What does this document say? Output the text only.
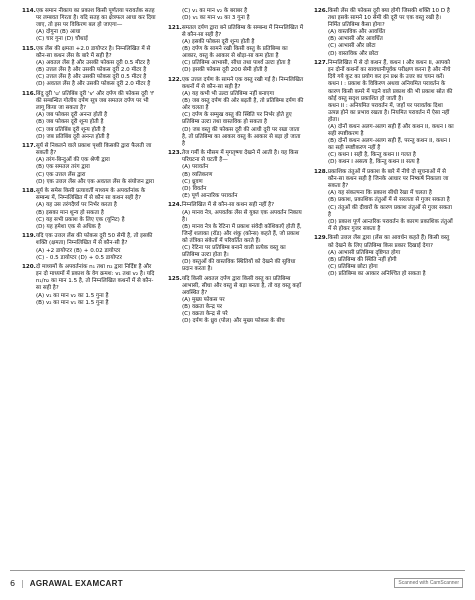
114. एक समान नीकाय का प्रकाश किसी पूर्णतया परावर्तक सतह पर लम्बवत गिरता है। यदि सतह का क्षेत्रफल आधा कर दिया जाए, तो इस पर विकिरण बल हो जाएगा—
(A) दोगुना (B) आधा
(C) चार गुना (D) चौथाई
115. एक लेंस की क्षमता +2.0 डायोप्टर है। निम्नलिखित में से कौन-सा कथन लेंस के बारे में सही है?
(A) अवतल लेंस है और उसकी फोकस दूरी 0.5 मीटर है
(B) उत्तल लेंस है और उसकी फोकस दूरी 2.0 मीटर है
(C) उत्तल लेंस है और उसकी फोकस दूरी 0.5 मीटर है
(D) अवतल लेंस है और उसकी फोकस दूरी 2.0 मीटर है
116. बिंदु दूरी 'u' प्रतिबिंब दूरी 'v' और दर्पण की फोकस दूरी 'f' की सम्बन्धित गोलीय दर्पण सूत्र जब समतल दर्पण पर भी लागू किया जा सकता है?
(A) जब फोकस दूरी अनन्त होती है
(B) जब फोकस दूरी शून्य होती है
(C) जब प्रतिबिंब दूरी शून्य होती है
(D) जब प्रतिबिंब दूरी अनन्त होती है
117. सूर्य से निकलने वाले प्रकाश पृथ्वी किसकी द्वारा फैलती जा सकती है?
(A) तरंग-बिन्दुओं की एक श्रेणी द्वारा
(B) एक समतल तरंग द्वारा
(C) एक उत्तल लेंस द्वारा
(D) एक उत्तल लेंस और एक अवतल लेंस के संयोजन द्वारा
118. सूर्य के समेस किसी प्रत्यावर्ती माध्यम के अपवर्तनांक के सम्बन्ध में, निम्नलिखित में से कौन सा कथन सही है?
(A) यह उस तरंगदैर्घ्य पर निर्भर करता है
(B) इसका मान शून्य हो सकता है
(C) यह सभी प्रकाश के लिए एक (यूनिट) है
(D) यह हमेशा एक से अधिक है
119. यदि एक उत्तल लेंस की फोकस दूरी 50 सेमी है, तो इसकी शक्ति (क्षमता) निम्नलिखित में से कौन-सी है?
(A) +2 डायोप्टर (B) + 0.02 डायोप्टर
(C) - 0.5 डायोप्टर (D) + 0.5 डायोप्टर
120. दो माध्यमों के अपवर्तनांक n₁ तथा n₂ द्वारा निर्दिष्ट है और इन दो माध्यमों में प्रकाश के वेग क्रमश: v₁ तथा v₂ है। यदि n₁/n₂ का मान 1.5 है, तो निम्नलिखित कथनों में से कौन-सा सही है?
(A) v₁ का मान v₂ का 1.5 गुना है
(B) v₂ का मान v₁ का 1.5 गुना है
(C) v₁ का मान v₂ के बराबर है
(D) v₁ का मान v₂ का 3 गुना है
121. समतल दर्पण द्वारा बने प्रतिबिम्ब के सम्बन्ध में निम्नलिखित में से कौन-सा सही है?
(A) इसकी फोकस दूरी शून्य होती है
(B) दर्पण के सामने रखी किसी वस्तु के प्रतिबिम्ब का आकार, वस्तु के आकार से थोड़ा-सा कम होता है
(C) प्रतिबिम्ब आभासी, सीधा तथा पार्श्व उल्टा होता है
(D) इसकी फोकस दूरी 200 सेमी होती है
122. एक उत्तल दर्पण के सामने एक वस्तु रखी गई है। निम्नलिखित कथनों में से कौन-सा सही है?
(A) यह कभी भी उल्टा प्रतिबिम्ब नहीं बनाएगा
(B) जब वस्तु दर्पण की ओर बढ़ती है, तो प्रतिबिम्ब दर्पण की ओर चलता है
(C) दर्पण के सम्मुख वस्तु की स्थिति पर निर्भर होते हुए प्रतिबिम्ब उल्टा तथा वास्तविक हो सकता है
(D) जब वस्तु की फोकस दूरी की आधी दूरी पर रखा जाता है, तो प्रतिबिम्ब का आकार वस्तु के आकार से बड़ा हो जाता है
123. तेज गर्मी के मौसम में मृगतृष्णा देखने में आती है। यह किस परिघटना से घटती है—
(A) परावर्तन
(B) व्यतिकरण
(C) ध्रुवण
(D) विवर्तन
(E) पूर्ण आन्तरिक परावर्तन
124. निम्नलिखित में से कौन-सा कथन सही नहीं है?
(A) मानव नेत्र, अपवर्तक लेंस से युक्त एक अपवर्तन निकाय है।
(B) मानव नेत्र के रेटिना में प्रकाश संवेदी कोशिकाएँ होती हैं, जिन्हें शलाका (रॉड) और शंकु (कोन्स) कहते हैं, जो प्रकाश को तंत्रिका संकेतों में परिवर्तित करते हैं।
(C) रेटिना पर प्रतिबिम्ब बनाने वाली प्रत्येक वस्तु का प्रतिबिम्ब उल्टा होता है।
(D) वस्तुओं की वास्तविक स्थितियों को देखने की सुविधा प्रदान करता है।
125. यदि किसी अवतल दर्पण द्वारा किसी वस्तु का प्रतिबिम्ब आभासी, सीधा और वस्तु से बड़ा बनता है, तो वह वस्तु कहाँ अवस्थित है?
(A) मुख्य फोकस पर
(B) वक्रता केन्द्र पर
(C) वक्रता केन्द्र से परे
(D) दर्पण के ध्रुव (पोल) और मुख्य फोकस के बीच
126. किसी लेंस की फोकस दूरी क्या होगी जिसकी शक्ति 10 D है तथा इसके सामने 10 सेमी की दूरी पर एक वस्तु रखी है। निर्मित प्रतिबिम्ब कैसा होगा?
(A) वास्तविक और आवर्धित
(B) आभासी और आवर्धित
(C) आभासी और छोटा
(D) वास्तविक और छोटा
127. निम्नलिखित में से दो कथन हैं, कथन I और कथन II, आपको इन दोनों कथनों का सावधानीपूर्वक परीक्षण करना है और नीचे दिये गये कूट का प्रयोग कर इन प्रश्न के उत्तर का चयन करें।
कथन I : प्रकाश के विकिरण अथवा अनियमित परावर्तन के कारण किसी कमरे में पड़ने वाले प्रकाश की भी प्रकाश स्रोत की कोई वस्तु सदृश प्रकाशित हो जाती है।
कथन II : अनियमित परावर्तन में, जहाँ पर परावर्तक दिशा उत्पन्न होने का प्रभाव रखता है। नियमित परावर्तन में ऐसा नहीं होता।
(A) दोनों कथन अलग-अलग सही हैं और कथन II, कथन I का सही स्पष्टीकरण है
(B) दोनों कथन अलग-अलग सही हैं, परन्तु कथन II, कथन I का सही स्पष्टीकरण नहीं है
(C) कथन I सही है, किन्तु कथन II गलत है
(D) कथन I असत्य है, किन्तु कथन II सत्य है
128. प्रकाशिक तंतुओं में प्रकाश के बारे में नीचे दो सूचनाओं में से कौन-सा कथन सही है जिनके आधार पर निष्कर्ष निकाला जा सकता है?
(A) यह संकल्पना कि प्रकाश सीधी रेखा में चलता है
(B) प्रकाश, प्रकाशिक तंतुओं में से सरलता से गुजर सकता है
(C) तंतुओं की दीवारों के कारण प्रकाश तंतुओं से गुजर सकता है
(D) प्रकाश पूर्ण आन्तरिक परावर्तन के कारण प्रकाशिक तंतुओं में से होकर गुजर सकता है
129. किसी उत्तल लेंस द्वारा (लेंस का आवर्धन कहते हैं) किसी वस्तु को देखने के लिए प्रतिबिम्ब किस प्रकार दिखाई देगा?
(A) आभासी प्रतिबिम्ब दृष्टिगत होगा
(B) प्रतिबिम्ब की स्थिति नहीं होगी
(C) प्रतिबिम्ब छोटा होगा
(D) प्रतिबिम्ब का आकार अनिश्चित हो सकता है
6 | AGRAWAL EXAMCART	Scanned with CamScanner
